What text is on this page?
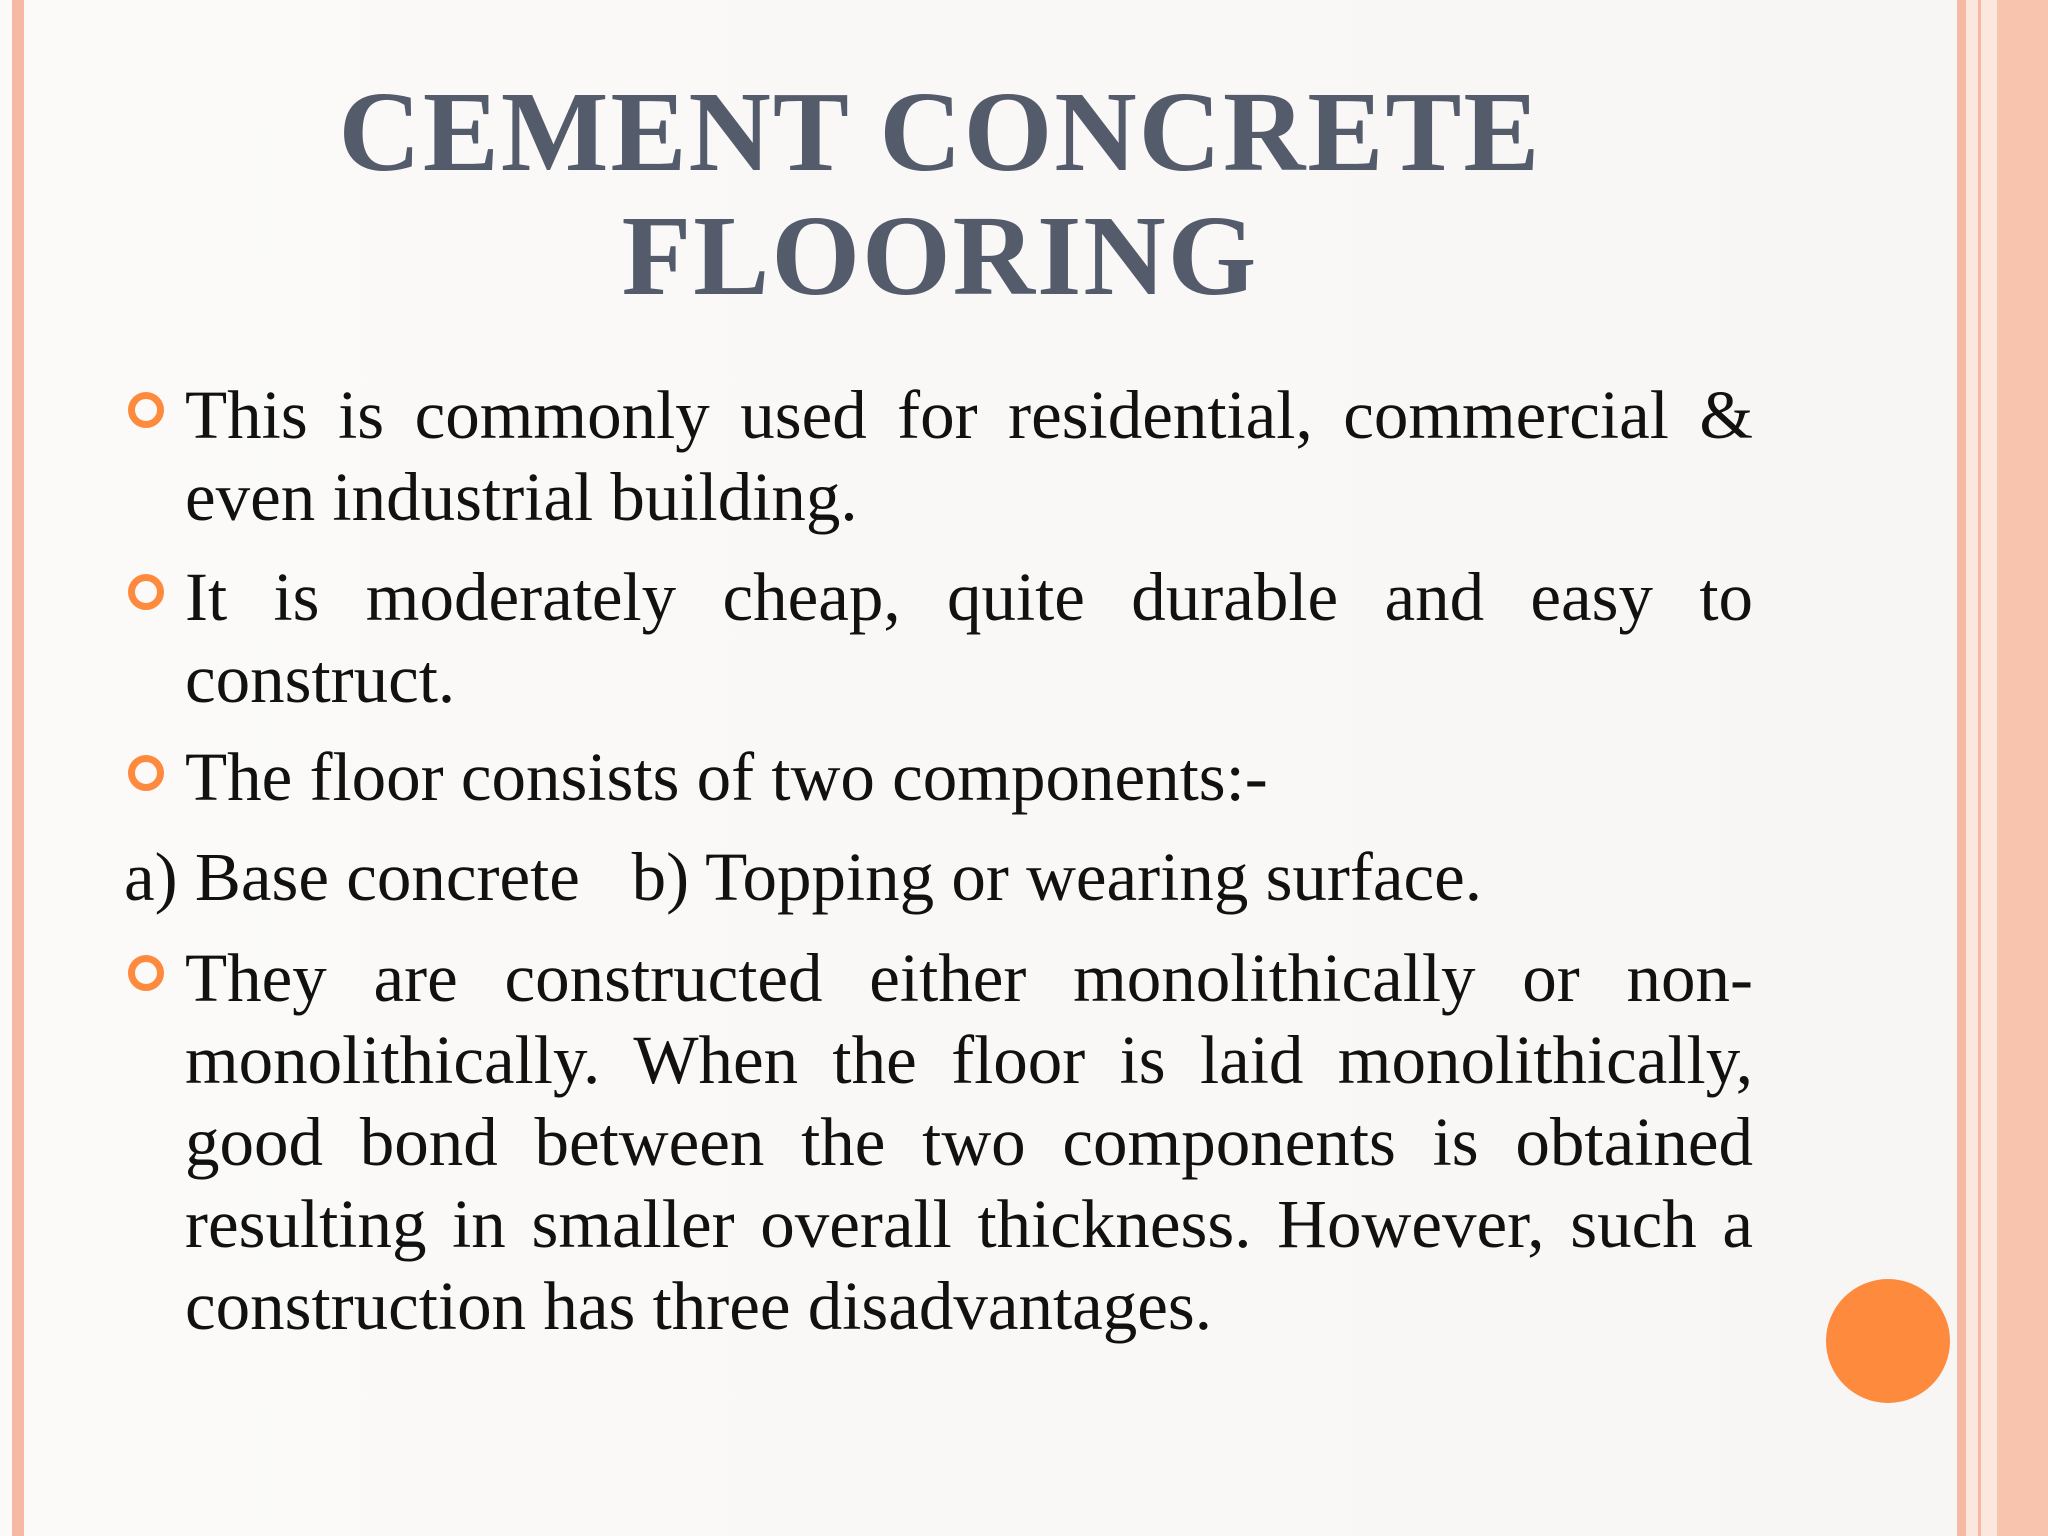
CEMENT CONCRETE
FLOORING

This is commonly used for residential, commercial & even industrial building.

It is moderately cheap, quite durable and easy to construct.

The floor consists of two components:-

a) Base concrete   b) Topping or wearing surface.

They are constructed either monolithically or non-monolithically. When the floor is laid monolithically, good bond between the two components is obtained resulting in smaller overall thickness. However, such a construction has three disadvantages.
